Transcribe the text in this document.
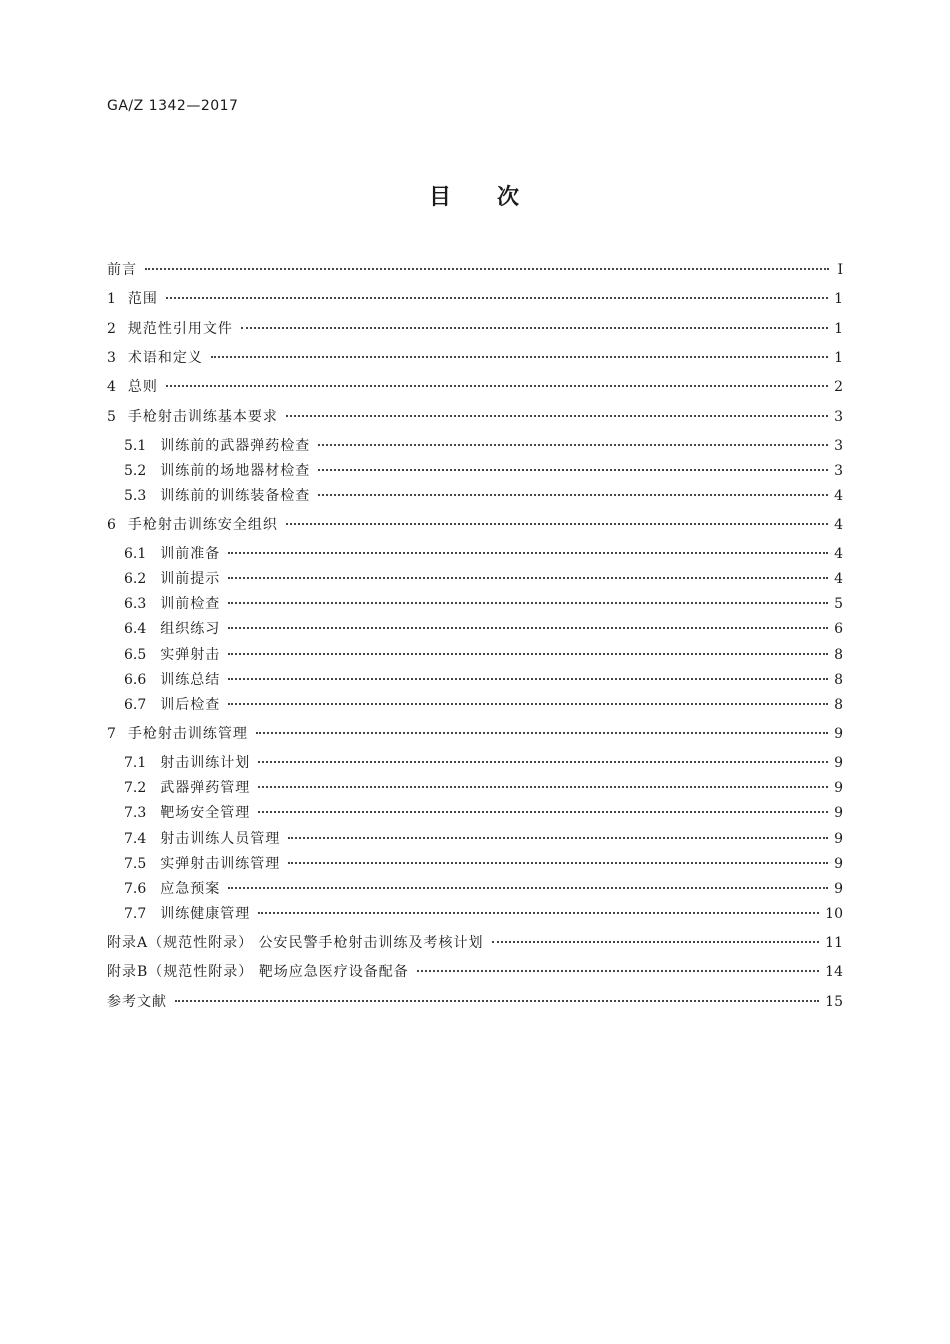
GA/Z 1342—2017
目 次
前言	Ⅰ
1 范围	1
2 规范性引用文件	1
3 术语和定义	1
4 总则	2
5 手枪射击训练基本要求	3
5.1 训练前的武器弹药检查	3
5.2 训练前的场地器材检查	3
5.3 训练前的训练装备检查	4
6 手枪射击训练安全组织	4
6.1 训前准备	4
6.2 训前提示	4
6.3 训前检查	5
6.4 组织练习	6
6.5 实弹射击	8
6.6 训练总结	8
6.7 训后检查	8
7 手枪射击训练管理	9
7.1 射击训练计划	9
7.2 武器弹药管理	9
7.3 靶场安全管理	9
7.4 射击训练人员管理	9
7.5 实弹射击训练管理	9
7.6 应急预案	9
7.7 训练健康管理	10
附录A（规范性附录） 公安民警手枪射击训练及考核计划	11
附录B（规范性附录） 靶场应急医疗设备配备	14
参考文献	15
